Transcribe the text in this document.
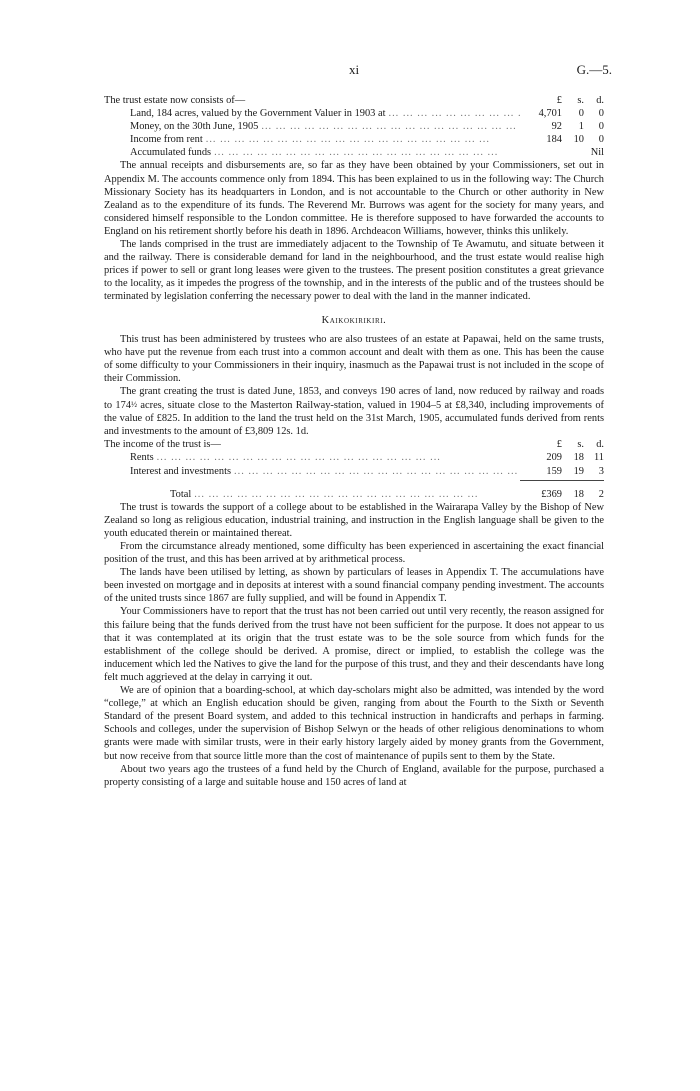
xi	G.—5.
The trust estate now consists of—	£	s.	d.
Land, 184 acres, valued by the Government Valuer in 1903 at ...	4,701	0	0
Money, on the 30th June, 1905 ...	92	1	0
Income from rent ...	184	10	0
Accumulated funds ...	Nil

The annual receipts and disbursements are, so far as they have been obtained by your Commissioners, set out in Appendix M. The accounts commence only from 1894. This has been explained to us in the following way: The Church Missionary Society has its headquarters in London, and is not accountable to the Church or other authority in New Zealand as to the expenditure of its funds. The Reverend Mr. Burrows was agent for the society for many years, and considered himself responsible to the London committee. He is therefore supposed to have forwarded the accounts to England on his retirement shortly before his death in 1896. Archdeacon Williams, however, thinks this unlikely.

The lands comprised in the trust are immediately adjacent to the Township of Te Awamutu, and situate between it and the railway. There is considerable demand for land in the neighbourhood, and the trust estate would realise high prices if power to sell or grant long leases were given to the trustees. The present position constitutes a great grievance to the locality, as it impedes the progress of the township, and in the interests of the public and of the trustees should be terminated by legislation conferring the necessary power to deal with the land in the manner indicated.

Kaikokirikiri.

This trust has been administered by trustees who are also trustees of an estate at Papawai, held on the same trusts, who have put the revenue from each trust into a common account and dealt with them as one. This has been the cause of some difficulty to your Commissioners in their inquiry, inasmuch as the Papawai trust is not included in the scope of their Commission.

The grant creating the trust is dated June, 1853, and conveys 190 acres of land, now reduced by railway and roads to 174½ acres, situate close to the Masterton Railway-station, valued in 1904–5 at £8,340, including improvements of the value of £825. In addition to the land the trust held on the 31st March, 1905, accumulated funds derived from rents and investments to the amount of £3,809 12s. 1d.

The income of the trust is—	£	s.	d.
Rents ...	209	18 11
Interest and investments ...	159	19	3
Total ...	£369	18	2

The trust is towards the support of a college about to be established in the Wairarapa Valley by the Bishop of New Zealand so long as religious education, industrial training, and instruction in the English language shall be given to the youth educated therein or maintained thereat.

From the circumstance already mentioned, some difficulty has been experienced in ascertaining the exact financial position of the trust, and this has been arrived at by arithmetical process.

The lands have been utilised by letting, as shown by particulars of leases in Appendix T. The accumulations have been invested on mortgage and in deposits at interest with a sound financial company pending investment. The accounts of the united trusts since 1867 are fully supplied, and will be found in Appendix T.

Your Commissioners have to report that the trust has not been carried out until very recently, the reason assigned for this failure being that the funds derived from the trust have not been sufficient for the purpose. It does not appear to us that it was contemplated at its origin that the trust estate was to be the sole source from which funds for the establishment of the college should be derived. A promise, direct or implied, to establish the college was the inducement which led the Natives to give the land for the purpose of this trust, and they and their descendants have long felt much aggrieved at the delay in carrying it out.

We are of opinion that a boarding-school, at which day-scholars might also be admitted, was intended by the word “college,” at which an English education should be given, ranging from about the Fourth to the Sixth or Seventh Standard of the present Board system, and added to this technical instruction in handicrafts and perhaps in farming. Schools and colleges, under the supervision of Bishop Selwyn or the heads of other religious denominations to whom grants were made with similar trusts, were in their early history largely aided by money grants from the Government, but now receive from that source little more than the cost of maintenance of pupils sent to them by the State.

About two years ago the trustees of a fund held by the Church of England, available for the purpose, purchased a property consisting of a large and suitable house and 150 acres of land at
